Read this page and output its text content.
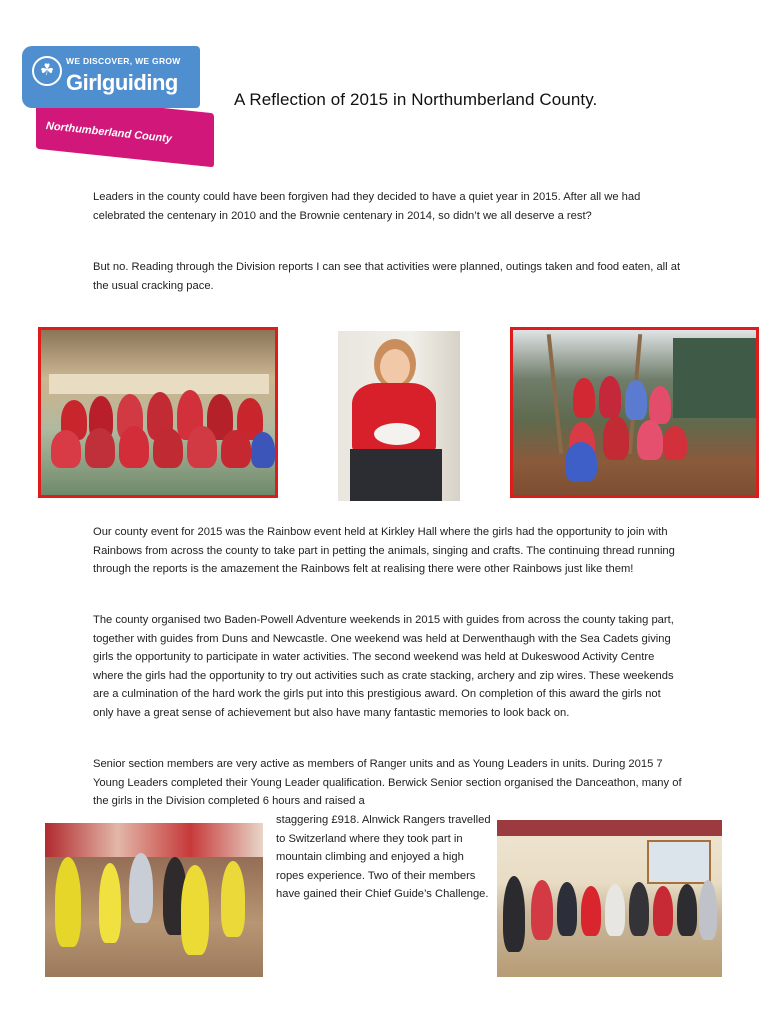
☘
WE DISCOVER, WE GROW
Girlguiding
Northumberland County
A Reflection of 2015 in Northumberland County.
Leaders in the county could have been forgiven had they decided to have a quiet year in 2015. After all we had celebrated the centenary in 2010 and the Brownie centenary in 2014, so didn’t we all deserve a rest?
But no. Reading through the Division reports I can see that activities were planned, outings taken and food eaten, all at the usual cracking pace.
Our county event for 2015 was the Rainbow event held at Kirkley Hall where the girls had the opportunity to join with Rainbows from across the county to take part in petting the animals, singing and crafts. The continuing thread running through the reports is the amazement the Rainbows felt at realising there were other Rainbows just like them!
The county organised two Baden-Powell Adventure weekends in 2015 with guides from across the county taking part, together with guides from Duns and Newcastle. One weekend was held at Derwenthaugh with the Sea Cadets giving girls the opportunity to participate in water activities. The second weekend was held at Dukeswood Activity Centre where the girls had the opportunity to try out activities such as crate stacking, archery and zip wires. These weekends are a culmination of the hard work the girls put into this prestigious award. On completion of this award the girls not only have a great sense of achievement but also have many fantastic memories to look back on.
Senior section members are very active as members of Ranger units and as Young Leaders in units. During 2015 7 Young Leaders completed their Young Leader qualification. Berwick Senior section organised the Danceathon, many of the girls in the Division completed 6 hours and raised a
staggering £918. Alnwick Rangers travelled to Switzerland where they took part in mountain climbing and enjoyed a high ropes experience. Two of their members have gained their Chief Guide’s Challenge.
